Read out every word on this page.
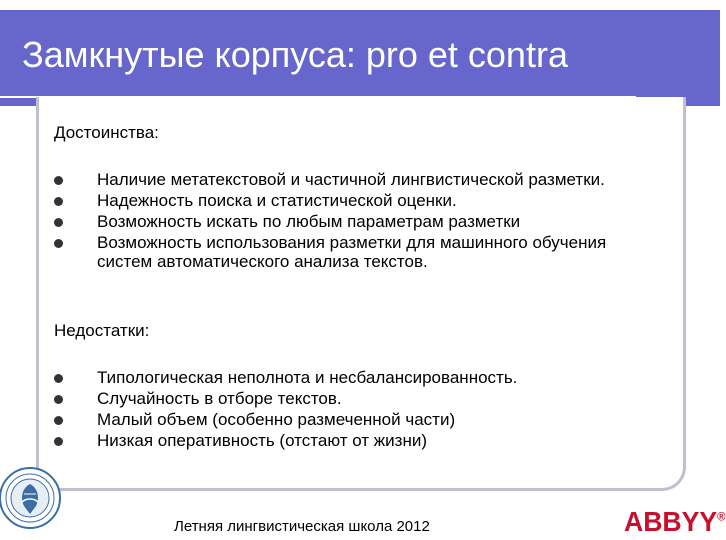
Замкнутые корпуса: pro et contra
Достоинства:
Наличие метатекстовой и частичной лингвистической разметки.
Надежность поиска и статистической оценки.
Возможность искать по любым параметрам разметки
Возможность использования разметки для машинного обучения систем автоматического анализа текстов.
Недостатки:
Типологическая неполнота и несбалансированность.
Случайность в отборе текстов.
Малый объем (особенно размеченной части)
Низкая оперативность (отстают от жизни)

Летняя лингвистическая школа 2012	ABBYY®
